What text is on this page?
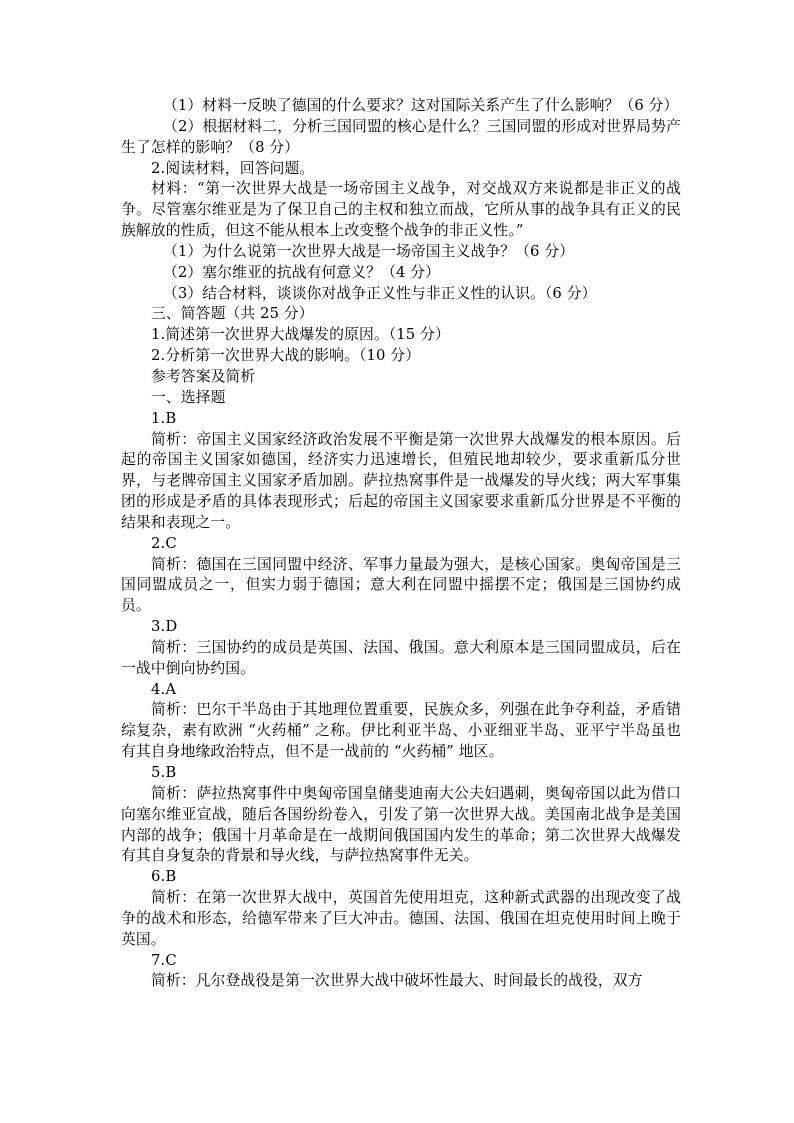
（1）材料一反映了德国的什么要求？这对国际关系产生了什么影响？（6 分）

（2）根据材料二，分析三国同盟的核心是什么？三国同盟的形成对世界局势产生了怎样的影响？（8 分）

2.阅读材料，回答问题。

材料：“第一次世界大战是一场帝国主义战争，对交战双方来说都是非正义的战争。尽管塞尔维亚是为了保卫自己的主权和独立而战，它所从事的战争具有正义的民族解放的性质，但这不能从根本上改变整个战争的非正义性。”

（1）为什么说第一次世界大战是一场帝国主义战争？（6 分）

（2）塞尔维亚的抗战有何意义？（4 分）

（3）结合材料，谈谈你对战争正义性与非正义性的认识。（6 分）

三、简答题（共 25 分）

1.简述第一次世界大战爆发的原因。（15 分）

2.分析第一次世界大战的影响。（10 分）

参考答案及简析

一、选择题

1.B

简析：帝国主义国家经济政治发展不平衡是第一次世界大战爆发的根本原因。后起的帝国主义国家如德国，经济实力迅速增长，但殖民地却较少，要求重新瓜分世界，与老牌帝国主义国家矛盾加剧。萨拉热窝事件是一战爆发的导火线；两大军事集团的形成是矛盾的具体表现形式；后起的帝国主义国家要求重新瓜分世界是不平衡的结果和表现之一。

2.C

简析：德国在三国同盟中经济、军事力量最为强大，是核心国家。奥匈帝国是三国同盟成员之一，但实力弱于德国；意大利在同盟中摇摆不定；俄国是三国协约成员。

3.D

简析：三国协约的成员是英国、法国、俄国。意大利原本是三国同盟成员，后在一战中倒向协约国。

4.A

简析：巴尔干半岛由于其地理位置重要，民族众多，列强在此争夺利益，矛盾错综复杂，素有欧洲 “火药桶” 之称。伊比利亚半岛、小亚细亚半岛、亚平宁半岛虽也有其自身地缘政治特点，但不是一战前的 “火药桶” 地区。

5.B

简析：萨拉热窝事件中奥匈帝国皇储斐迪南大公夫妇遇刺，奥匈帝国以此为借口向塞尔维亚宣战，随后各国纷纷卷入，引发了第一次世界大战。美国南北战争是美国内部的战争；俄国十月革命是在一战期间俄国国内发生的革命；第二次世界大战爆发有其自身复杂的背景和导火线，与萨拉热窝事件无关。

6.B

简析：在第一次世界大战中，英国首先使用坦克，这种新式武器的出现改变了战争的战术和形态，给德军带来了巨大冲击。德国、法国、俄国在坦克使用时间上晚于英国。

7.C

简析：凡尔登战役是第一次世界大战中破坏性最大、时间最长的战役，双方
